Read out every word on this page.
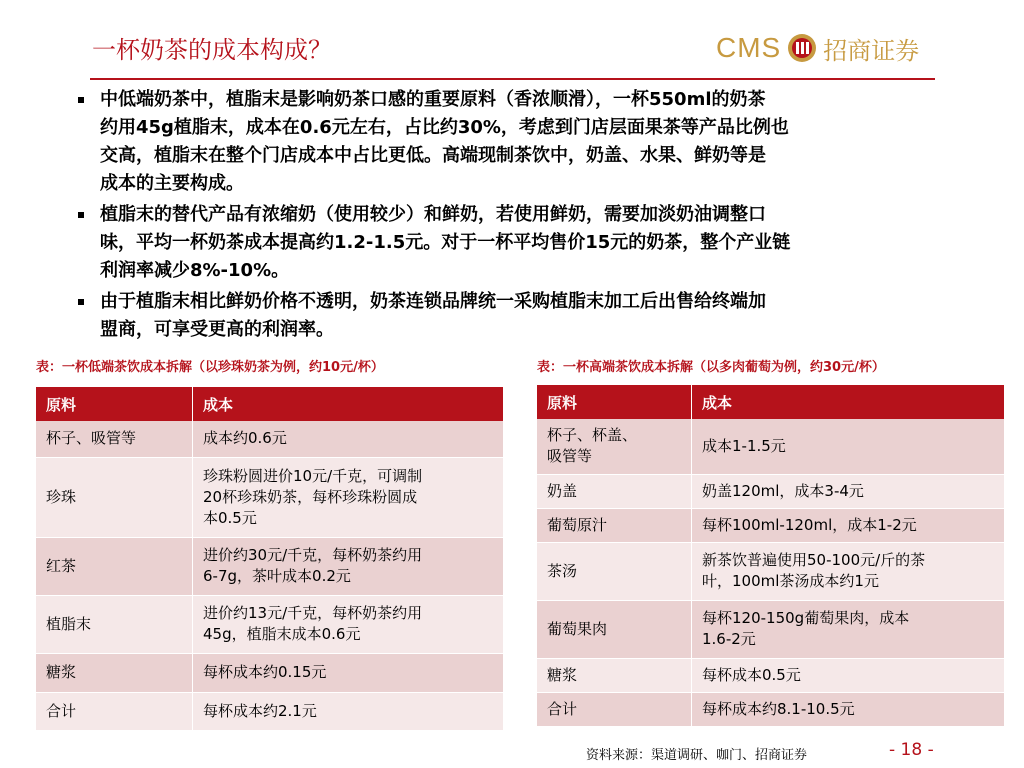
一杯奶茶的成本构成？	CMS 招商证券
中低端奶茶中，植脂末是影响奶茶口感的重要原料（香浓顺滑），一杯550ml的奶茶
约用45g植脂末，成本在0.6元左右，占比约30%，考虑到门店层面果茶等产品比例也
交高，植脂末在整个门店成本中占比更低。高端现制茶饮中，奶盖、水果、鲜奶等是
成本的主要构成。
植脂末的替代产品有浓缩奶（使用较少）和鲜奶，若使用鲜奶，需要加淡奶油调整口
味，平均一杯奶茶成本提高约1.2-1.5元。对于一杯平均售价15元的奶茶，整个产业链
利润率减少8%-10%。
由于植脂末相比鲜奶价格不透明，奶茶连锁品牌统一采购植脂末加工后出售给终端加
盟商，可享受更高的利润率。
表：一杯低端茶饮成本拆解（以珍珠奶茶为例，约10元/杯）
原料	成本
杯子、吸管等	成本约0.6元

珍珠	珍珠粉圆进价10元/千克，可调制
20杯珍珠奶茶，每杯珍珠粉圆成
本0.5元

红茶	进价约30元/千克，每杯奶茶约用
6-7g，茶叶成本0.2元

植脂末	进价约13元/千克，每杯奶茶约用
45g，植脂末成本0.6元

糖浆	每杯成本约0.15元

合计	每杯成本约2.1元
表：一杯高端茶饮成本拆解（以多肉葡萄为例，约30元/杯）
原料	成本

杯子、杯盖、
吸管等	成本1-1.5元

奶盖	奶盖120ml，成本3-4元

葡萄原汁	每杯100ml-120ml，成本1-2元

茶汤	新茶饮普遍使用50-100元/斤的茶
叶，100ml茶汤成本约1元

葡萄果肉	每杯120-150g葡萄果肉，成本
1.6-2元

糖浆	每杯成本0.5元

合计	每杯成本约8.1-10.5元
资料来源：渠道调研、咖门、招商证券	- 18 -
